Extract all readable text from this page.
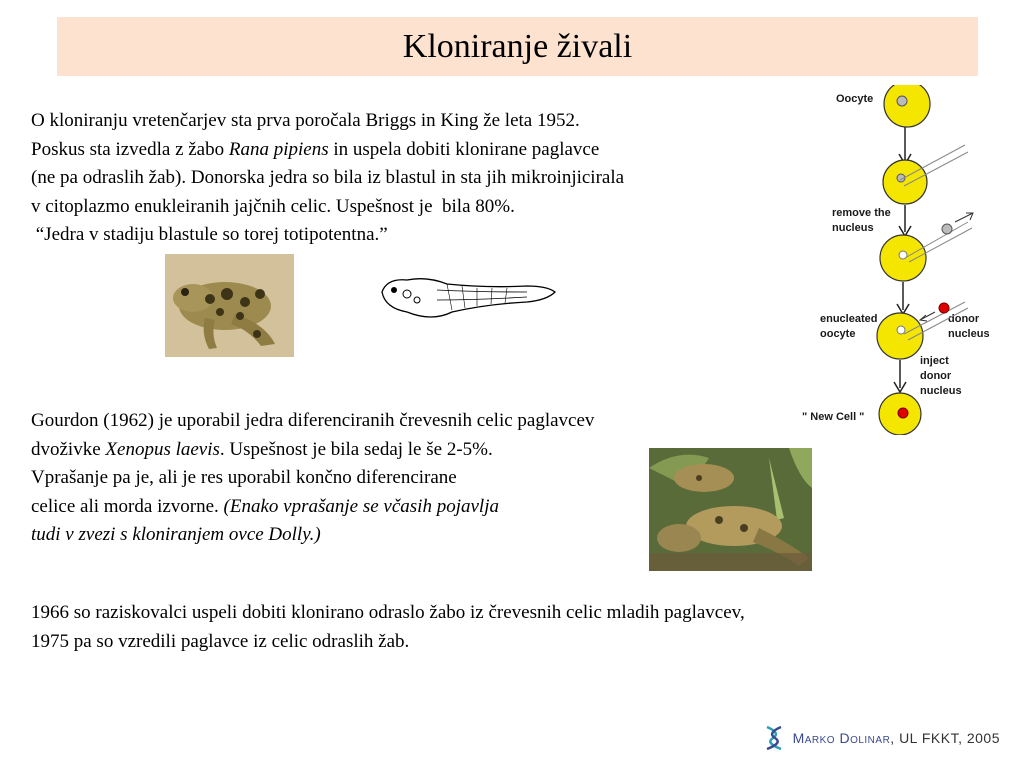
Kloniranje živali
O kloniranju vretenčarjev sta prva poročala Briggs in King že leta 1952.
Poskus sta izvedla z žabo Rana pipiens in uspela dobiti klonirane paglavce
(ne pa odraslih žab). Donorska jedra so bila iz blastul in sta jih mikroinjicirala
v citoplazmo enukleiranih jajčnih celic. Uspešnost je  bila 80%.
“Jedra v stadiju blastule so torej totipotentna.”
Oocyte
remove the
nucleus
enucleated
oocyte
donor
nucleus
inject
donor
nucleus
" New Cell "
Gourdon (1962) je uporabil jedra diferenciranih črevesnih celic paglavcev
dvoživke Xenopus laevis. Uspešnost je bila sedaj le še 2-5%.
Vprašanje pa je, ali je res uporabil končno diferencirane
celice ali morda izvorne. (Enako vprašanje se včasih pojavlja
tudi v zvezi s kloniranjem ovce Dolly.)
1966 so raziskovalci uspeli dobiti klonirano odraslo žabo iz črevesnih celic mladih paglavcev,
1975 pa so vzredili paglavce iz celic odraslih žab.
Marko Dolinar, UL FKKT, 2005
